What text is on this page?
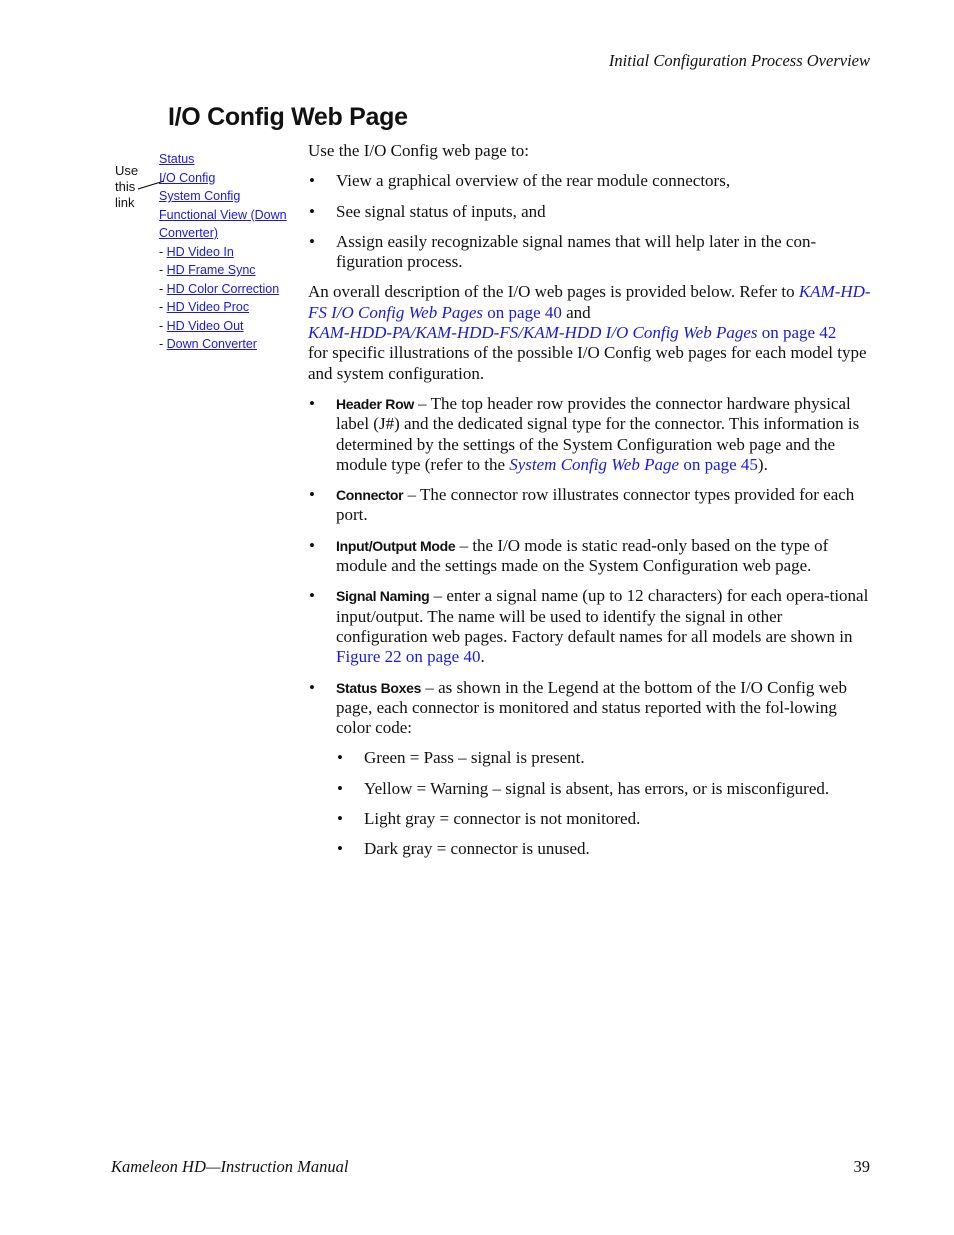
Initial Configuration Process Overview
I/O Config Web Page
Use
this
link
Status
I/O Config
System Config
Functional View (Down
Converter)
- HD Video In
- HD Frame Sync
- HD Color Correction
- HD Video Proc
- HD Video Out
- Down Converter

Use the I/O Config web page to:

• View a graphical overview of the rear module connectors,
• See signal status of inputs, and
• Assign easily recognizable signal names that will help later in the con-figuration process.

An overall description of the I/O web pages is provided below. Refer to KAM-HD-FS I/O Config Web Pages on page 40 and
KAM-HDD-PA/KAM-HDD-FS/KAM-HDD I/O Config Web Pages on page 42
for specific illustrations of the possible I/O Config web pages for each model type and system configuration.

• Header Row – The top header row provides the connector hardware physical label (J#) and the dedicated signal type for the connector. This information is determined by the settings of the System Configuration web page and the module type (refer to the System Config Web Page on page 45).
• Connector – The connector row illustrates connector types provided for each port.
• Input/Output Mode – the I/O mode is static read-only based on the type of module and the settings made on the System Configuration web page.
• Signal Naming – enter a signal name (up to 12 characters) for each opera-tional input/output. The name will be used to identify the signal in other configuration web pages. Factory default names for all models are shown in Figure 22 on page 40.
• Status Boxes – as shown in the Legend at the bottom of the I/O Config web page, each connector is monitored and status reported with the fol-lowing color code:
• Green = Pass – signal is present.
• Yellow = Warning – signal is absent, has errors, or is misconfigured.
• Light gray = connector is not monitored.
• Dark gray = connector is unused.
Kameleon HD—Instruction Manual	39
